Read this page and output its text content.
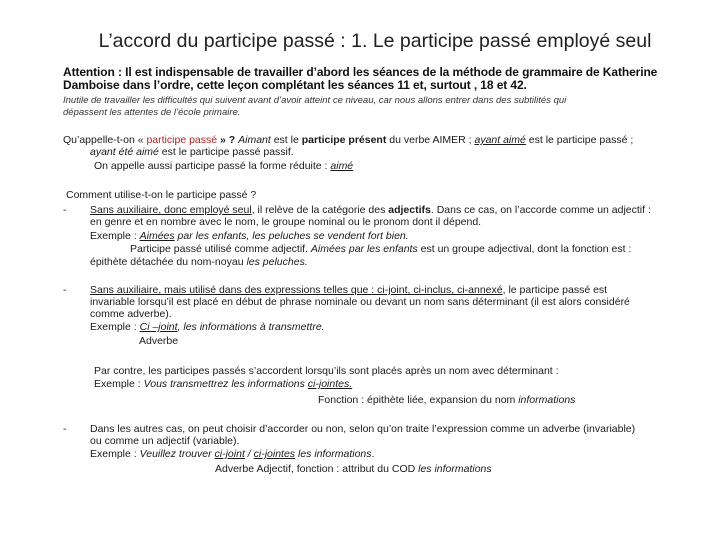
L’accord du participe passé : 1. Le participe passé employé seul
Attention : Il est indispensable de travailler d’abord les séances de la méthode de grammaire de Katherine
Damboise dans l’ordre, cette leçon complétant les séances 11 et, surtout , 18 et 42.
Inutile de travailler les difficultés qui suivent avant d’avoir atteint ce niveau, car nous allons entrer dans des subtilités qui
dépassent les attentes de l’école primaire.
Qu’appelle-t-on « participe passé » ? Aimant est le participe présent du verbe AIMER ; ayant aimé est le participe passé ;
ayant été aimé est le participe passé passif.
On appelle aussi participe passé la forme réduite : aimé
Comment utilise-t-on le participe passé ?
- Sans auxiliaire, donc employé seul, il relève de la catégorie des adjectifs. Dans ce cas, on l’accorde comme un adjectif :
en genre et en nombre avec le nom, le groupe nominal ou le pronom dont il dépend.
Exemple : Aimées par les enfants, les peluches se vendent fort bien.
Participe passé utilisé comme adjectif. Aimées par les enfants est un groupe adjectival, dont la fonction est :
épithète détachée du nom-noyau les peluches.
- Sans auxiliaire, mais utilisé dans des expressions telles que : ci-joint, ci-inclus, ci-annexé, le participe passé est
invariable lorsqu’il est placé en début de phrase nominale ou devant un nom sans déterminant (il est alors considéré
comme adverbe).
Exemple : Ci –joint, les informations à transmettre.
Adverbe
Par contre, les participes passés s’accordent lorsqu’ils sont placés après un nom avec déterminant :
Exemple : Vous transmettrez les informations ci-jointes.
Fonction : épithète liée, expansion du nom informations
- Dans les autres cas, on peut choisir d’accorder ou non, selon qu’on traite l’expression comme un adverbe (invariable)
ou comme un adjectif (variable).
Exemple : Veuillez trouver ci-joint / ci-jointes les informations.
Adverbe Adjectif, fonction : attribut du COD les informations
